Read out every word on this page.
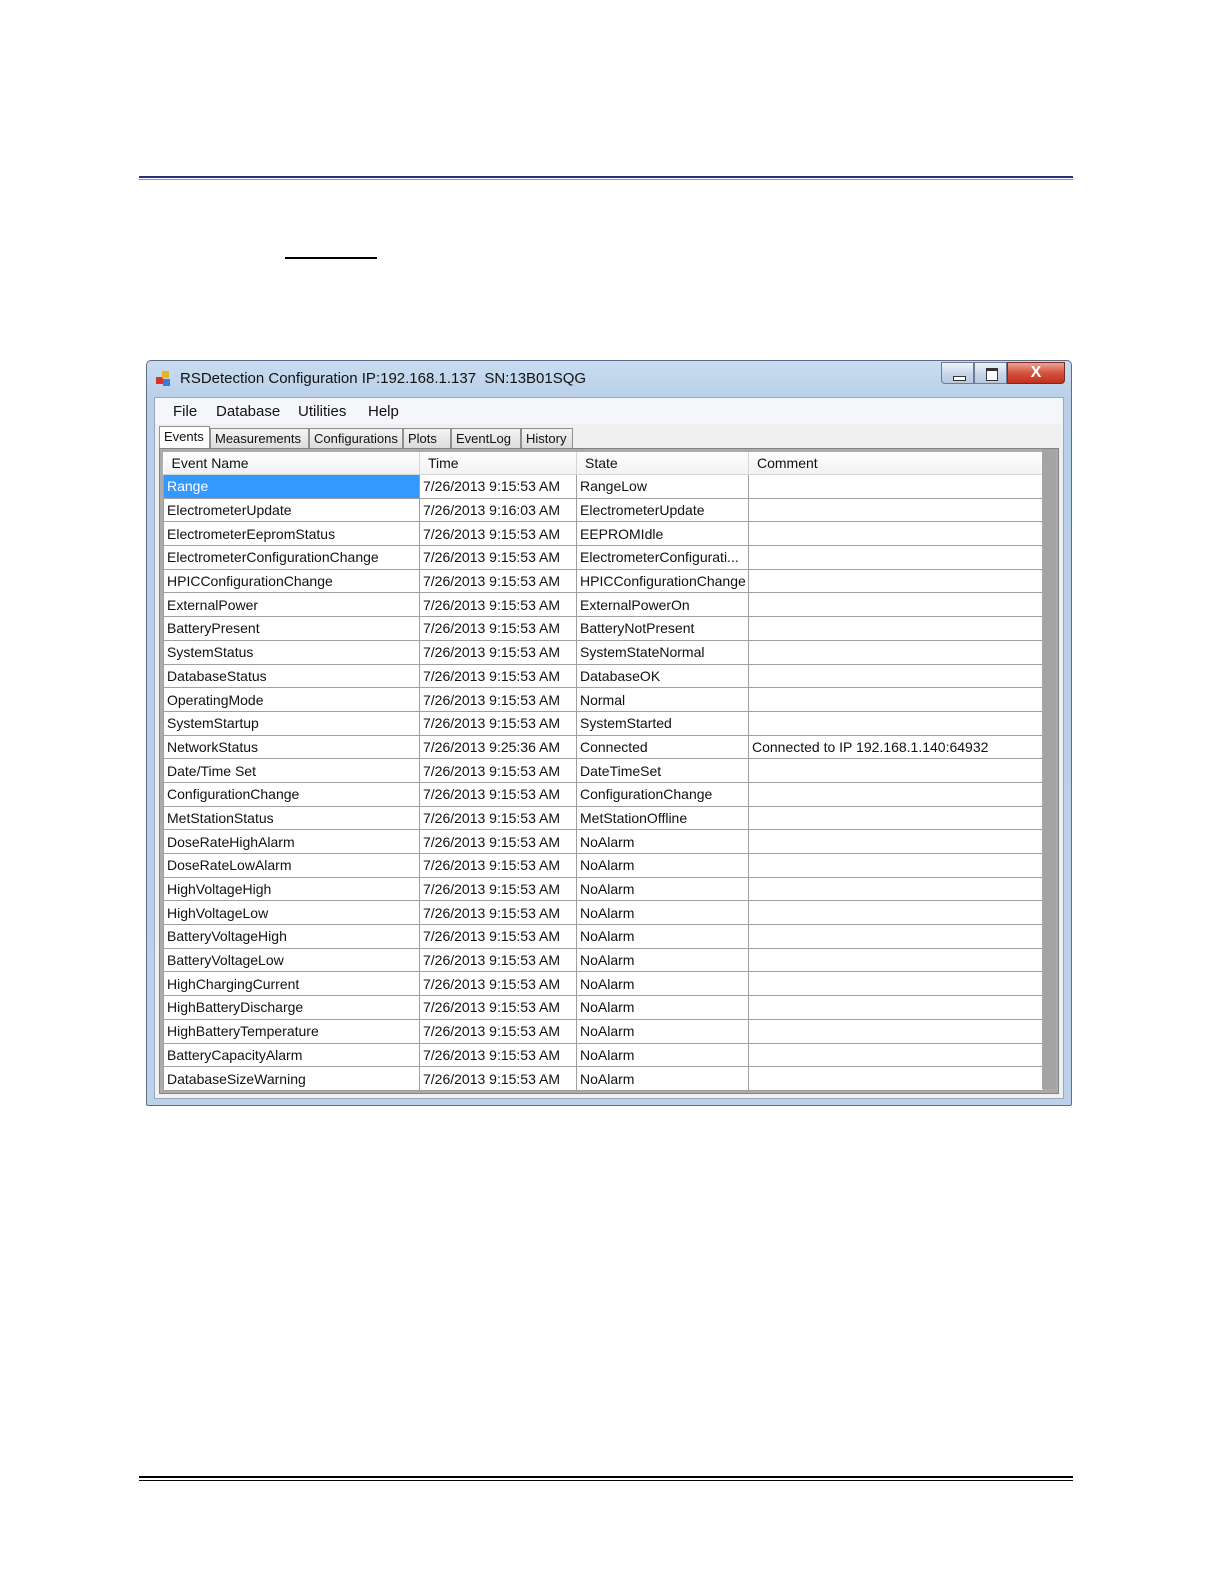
RSDetection Configuration IP:192.168.1.137  SN:13B01SQG	X
File Database Utilities Help
Events Measurements	Configurations Plots	EventLog	History
Event Name	Time	State	Comment
Range	7/26/2013 9:15:53 AM	RangeLow	
ElectrometerUpdate	7/26/2013 9:16:03 AM	ElectrometerUpdate	
ElectrometerEepromStatus	7/26/2013 9:15:53 AM	EEPROMIdle	
ElectrometerConfigurationChange	7/26/2013 9:15:53 AM	ElectrometerConfigurati...	
HPICConfigurationChange	7/26/2013 9:15:53 AM	HPICConfigurationChange	
ExternalPower	7/26/2013 9:15:53 AM	ExternalPowerOn	
BatteryPresent	7/26/2013 9:15:53 AM	BatteryNotPresent	
SystemStatus	7/26/2013 9:15:53 AM	SystemStateNormal	
DatabaseStatus	7/26/2013 9:15:53 AM	DatabaseOK	
OperatingMode	7/26/2013 9:15:53 AM	Normal	
SystemStartup	7/26/2013 9:15:53 AM	SystemStarted	
NetworkStatus	7/26/2013 9:25:36 AM	Connected	Connected to IP 192.168.1.140:64932
Date/Time Set	7/26/2013 9:15:53 AM	DateTimeSet	
ConfigurationChange	7/26/2013 9:15:53 AM	ConfigurationChange	
MetStationStatus	7/26/2013 9:15:53 AM	MetStationOffline	
DoseRateHighAlarm	7/26/2013 9:15:53 AM	NoAlarm	
DoseRateLowAlarm	7/26/2013 9:15:53 AM	NoAlarm	
HighVoltageHigh	7/26/2013 9:15:53 AM	NoAlarm	
HighVoltageLow	7/26/2013 9:15:53 AM	NoAlarm	
BatteryVoltageHigh	7/26/2013 9:15:53 AM	NoAlarm	
BatteryVoltageLow	7/26/2013 9:15:53 AM	NoAlarm	
HighChargingCurrent	7/26/2013 9:15:53 AM	NoAlarm	
HighBatteryDischarge	7/26/2013 9:15:53 AM	NoAlarm	
HighBatteryTemperature	7/26/2013 9:15:53 AM	NoAlarm	
BatteryCapacityAlarm	7/26/2013 9:15:53 AM	NoAlarm	
DatabaseSizeWarning	7/26/2013 9:15:53 AM	NoAlarm	
